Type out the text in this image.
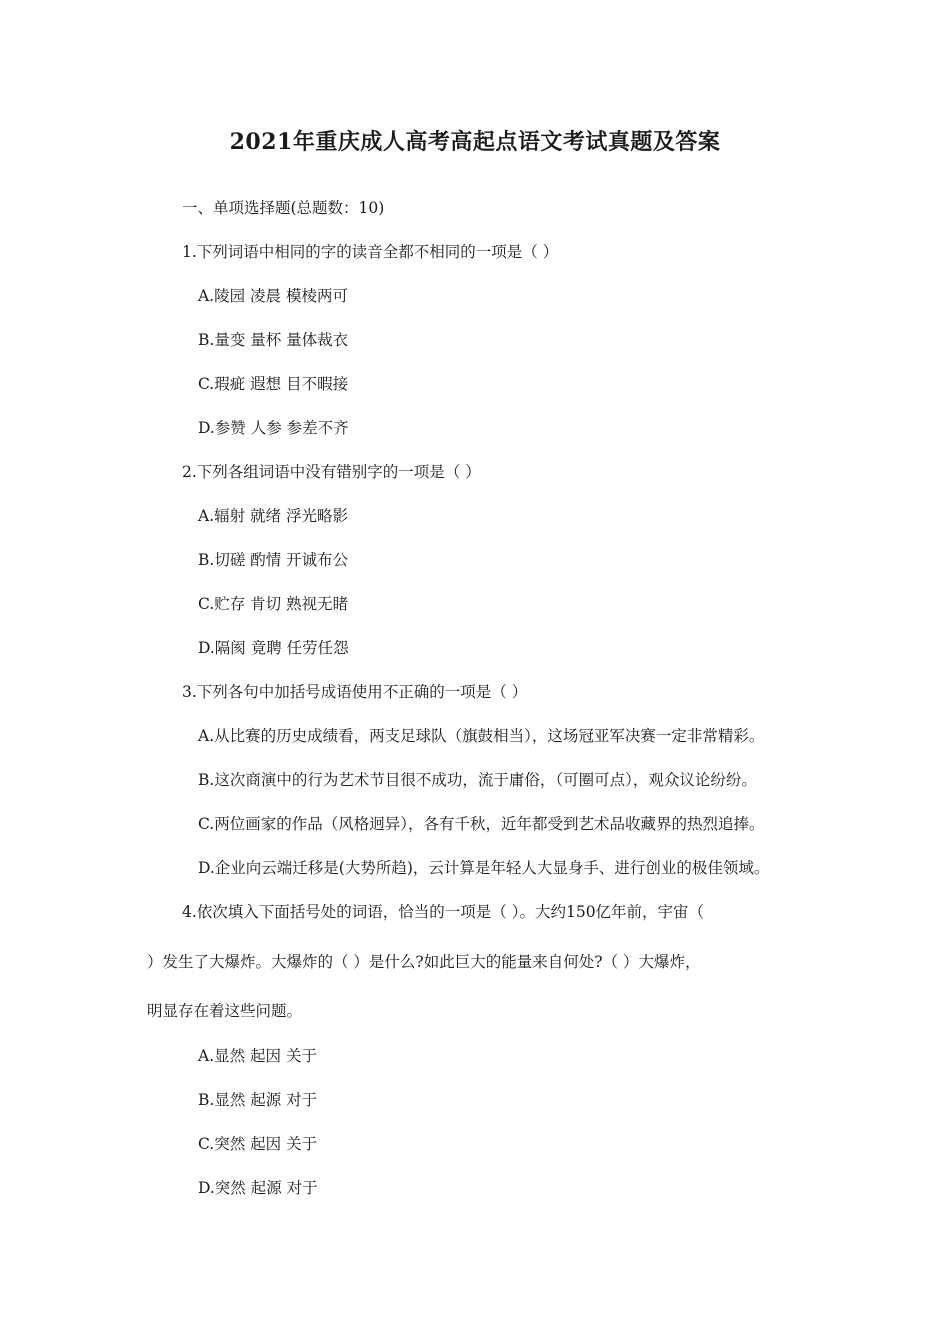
2021年重庆成人高考高起点语文考试真题及答案
一、单项选择题(总题数：10)
1.下列词语中相同的字的读音全都不相同的一项是（ ）
A.陵园 凌晨 模棱两可
B.量变 量杯 量体裁衣
C.瑕疵 遐想 目不暇接
D.参赞 人参 参差不齐
2.下列各组词语中没有错别字的一项是（ ）
A.辐射 就绪 浮光略影
B.切磋 酌情 开诚布公
C.贮存 肯切 熟视无睹
D.隔阂 竟聘 任劳任怨
3.下列各句中加括号成语使用不正确的一项是（ ）
A.从比赛的历史成绩看，两支足球队（旗鼓相当），这场冠亚军决赛一定非常精彩。
B.这次商演中的行为艺术节目很不成功，流于庸俗，（可圈可点），观众议论纷纷。
C.两位画家的作品（风格迥异），各有千秋，近年都受到艺术品收藏界的热烈追捧。
D.企业向云端迁移是(大势所趋)，云计算是年轻人大显身手、进行创业的极佳领域。
4.依次填入下面括号处的词语，恰当的一项是（ ）。大约150亿年前，宇宙（
）发生了大爆炸。大爆炸的（ ）是什么?如此巨大的能量来自何处?（ ）大爆炸，
明显存在着这些问题。
A.显然 起因 关于
B.显然 起源 对于
C.突然 起因 关于
D.突然 起源 对于
